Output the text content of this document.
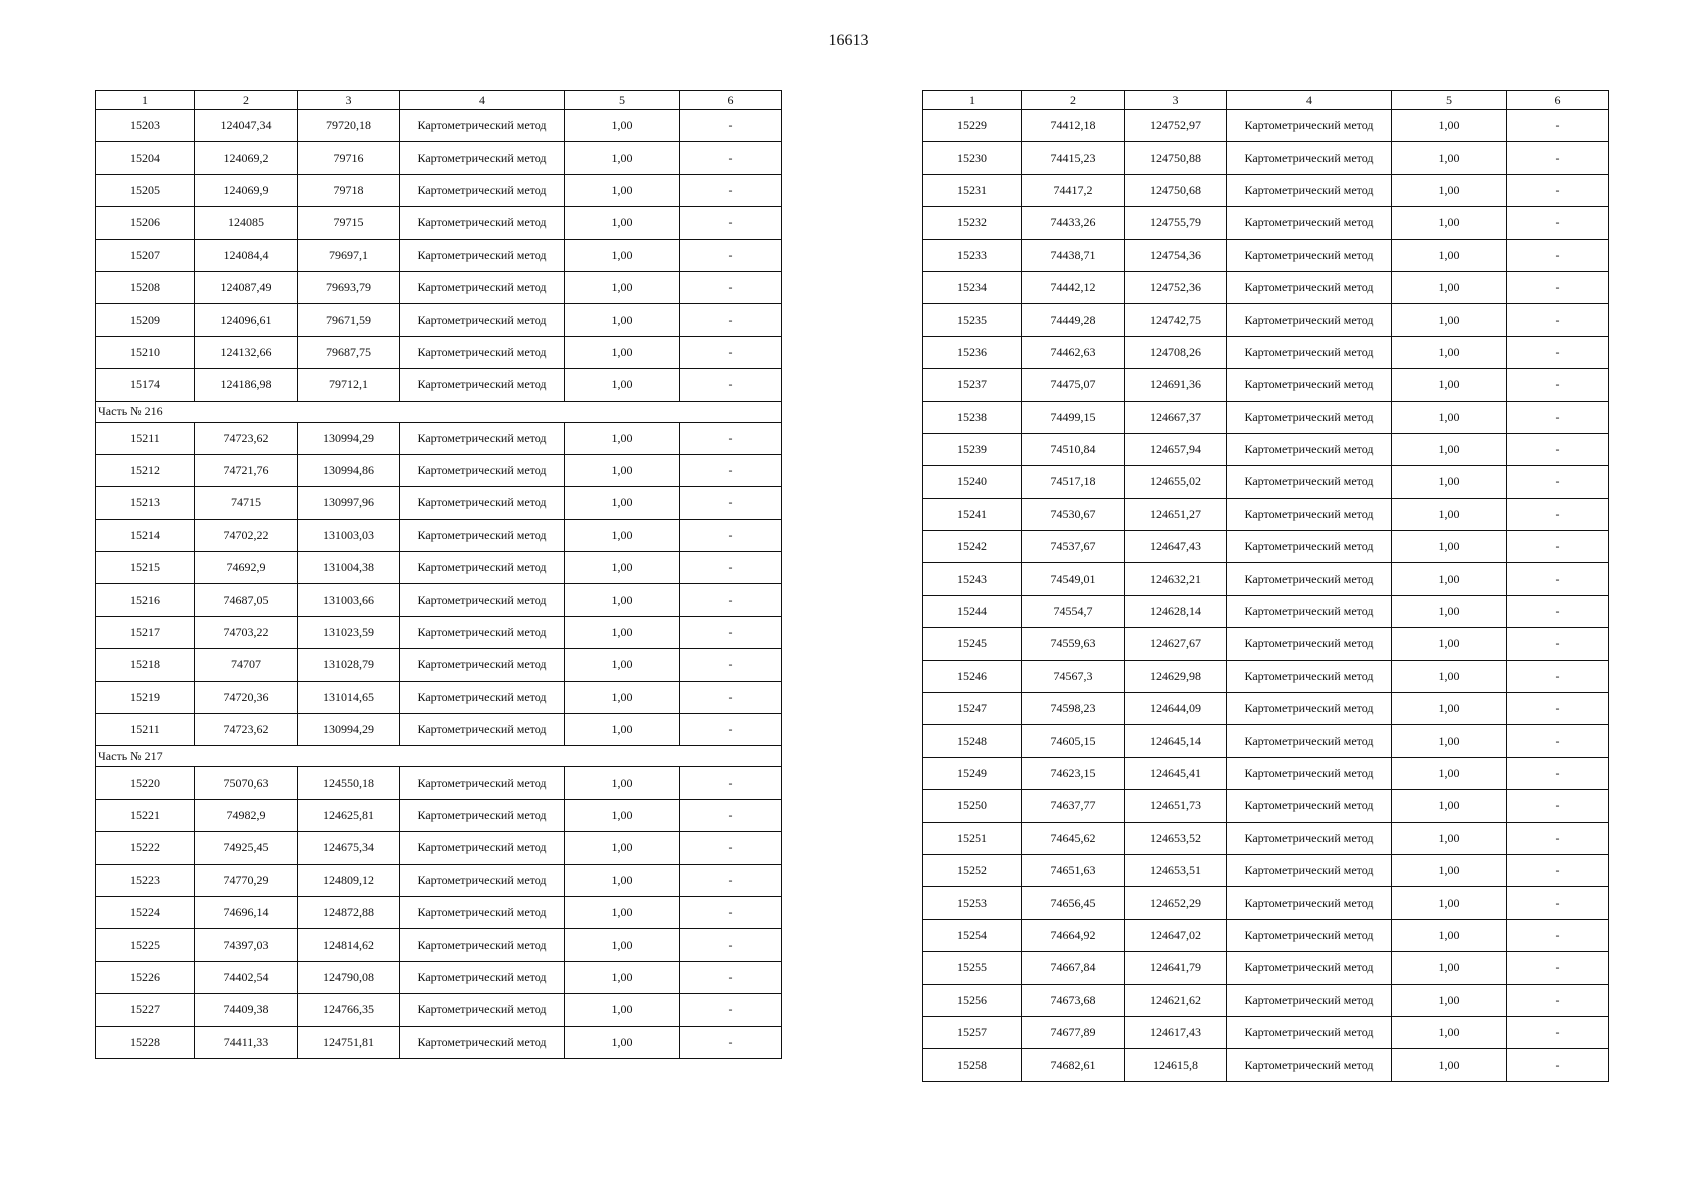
16613
1	2	3	4	5	6
15203	124047,34	79720,18	Картометрический метод	1,00	-
15204	124069,2	79716	Картометрический метод	1,00	-
15205	124069,9	79718	Картометрический метод	1,00	-
15206	124085	79715	Картометрический метод	1,00	-
15207	124084,4	79697,1	Картометрический метод	1,00	-
15208	124087,49	79693,79	Картометрический метод	1,00	-
15209	124096,61	79671,59	Картометрический метод	1,00	-
15210	124132,66	79687,75	Картометрический метод	1,00	-
15174	124186,98	79712,1	Картометрический метод	1,00	-
Часть № 216					
15211	74723,62	130994,29	Картометрический метод	1,00	-
15212	74721,76	130994,86	Картометрический метод	1,00	-
15213	74715	130997,96	Картометрический метод	1,00	-
15214	74702,22	131003,03	Картометрический метод	1,00	-
15215	74692,9	131004,38	Картометрический метод	1,00	-
15216	74687,05	131003,66	Картометрический метод	1,00	-
15217	74703,22	131023,59	Картометрический метод	1,00	-
15218	74707	131028,79	Картометрический метод	1,00	-
15219	74720,36	131014,65	Картометрический метод	1,00	-
15211	74723,62	130994,29	Картометрический метод	1,00	-
Часть № 217					
15220	75070,63	124550,18	Картометрический метод	1,00	-
15221	74982,9	124625,81	Картометрический метод	1,00	-
15222	74925,45	124675,34	Картометрический метод	1,00	-
15223	74770,29	124809,12	Картометрический метод	1,00	-
15224	74696,14	124872,88	Картометрический метод	1,00	-
15225	74397,03	124814,62	Картометрический метод	1,00	-
15226	74402,54	124790,08	Картометрический метод	1,00	-
15227	74409,38	124766,35	Картометрический метод	1,00	-
15228	74411,33	124751,81	Картометрический метод	1,00	-
1	2	3	4	5	6
15229	74412,18	124752,97	Картометрический метод	1,00	-
15230	74415,23	124750,88	Картометрический метод	1,00	-
15231	74417,2	124750,68	Картометрический метод	1,00	-
15232	74433,26	124755,79	Картометрический метод	1,00	-
15233	74438,71	124754,36	Картометрический метод	1,00	-
15234	74442,12	124752,36	Картометрический метод	1,00	-
15235	74449,28	124742,75	Картометрический метод	1,00	-
15236	74462,63	124708,26	Картометрический метод	1,00	-
15237	74475,07	124691,36	Картометрический метод	1,00	-
15238	74499,15	124667,37	Картометрический метод	1,00	-
15239	74510,84	124657,94	Картометрический метод	1,00	-
15240	74517,18	124655,02	Картометрический метод	1,00	-
15241	74530,67	124651,27	Картометрический метод	1,00	-
15242	74537,67	124647,43	Картометрический метод	1,00	-
15243	74549,01	124632,21	Картометрический метод	1,00	-
15244	74554,7	124628,14	Картометрический метод	1,00	-
15245	74559,63	124627,67	Картометрический метод	1,00	-
15246	74567,3	124629,98	Картометрический метод	1,00	-
15247	74598,23	124644,09	Картометрический метод	1,00	-
15248	74605,15	124645,14	Картометрический метод	1,00	-
15249	74623,15	124645,41	Картометрический метод	1,00	-
15250	74637,77	124651,73	Картометрический метод	1,00	-
15251	74645,62	124653,52	Картометрический метод	1,00	-
15252	74651,63	124653,51	Картометрический метод	1,00	-
15253	74656,45	124652,29	Картометрический метод	1,00	-
15254	74664,92	124647,02	Картометрический метод	1,00	-
15255	74667,84	124641,79	Картометрический метод	1,00	-
15256	74673,68	124621,62	Картометрический метод	1,00	-
15257	74677,89	124617,43	Картометрический метод	1,00	-
15258	74682,61	124615,8	Картометрический метод	1,00	-
